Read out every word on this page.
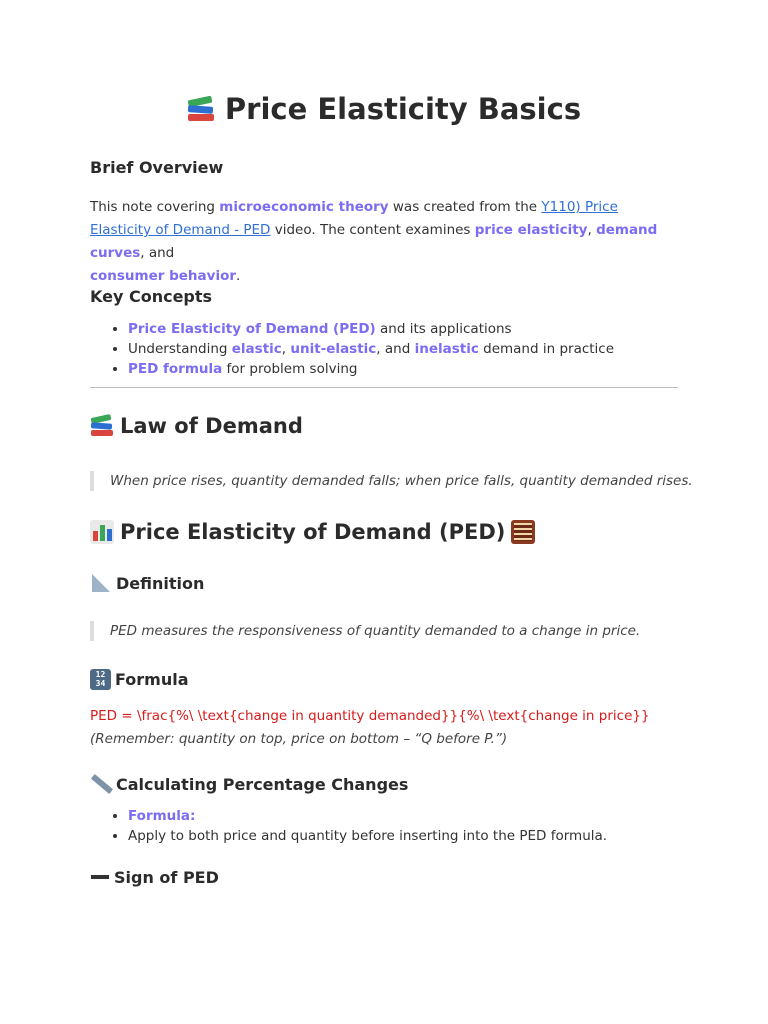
Price Elasticity Basics
Brief Overview
This note covering microeconomic theory was created from the Y110) Price Elasticity of Demand - PED video. The content examines price elasticity, demand curves, and
consumer behavior.
Key Concepts
• Price Elasticity of Demand (PED) and its applications
• Understanding elastic, unit-elastic, and inelastic demand in practice
• PED formula for problem solving
Law of Demand
When price rises, quantity demanded falls; when price falls, quantity demanded rises.
Price Elasticity of Demand (PED)
Definition
PED measures the responsiveness of quantity demanded to a change in price.
12
34 Formula
PED = \frac{%\ \text{change in quantity demanded}}{%\ \text{change in price}}
(Remember: quantity on top, price on bottom – “Q before P.”)
Calculating Percentage Changes
• Formula:
• Apply to both price and quantity before inserting into the PED formula.
Sign of PED
